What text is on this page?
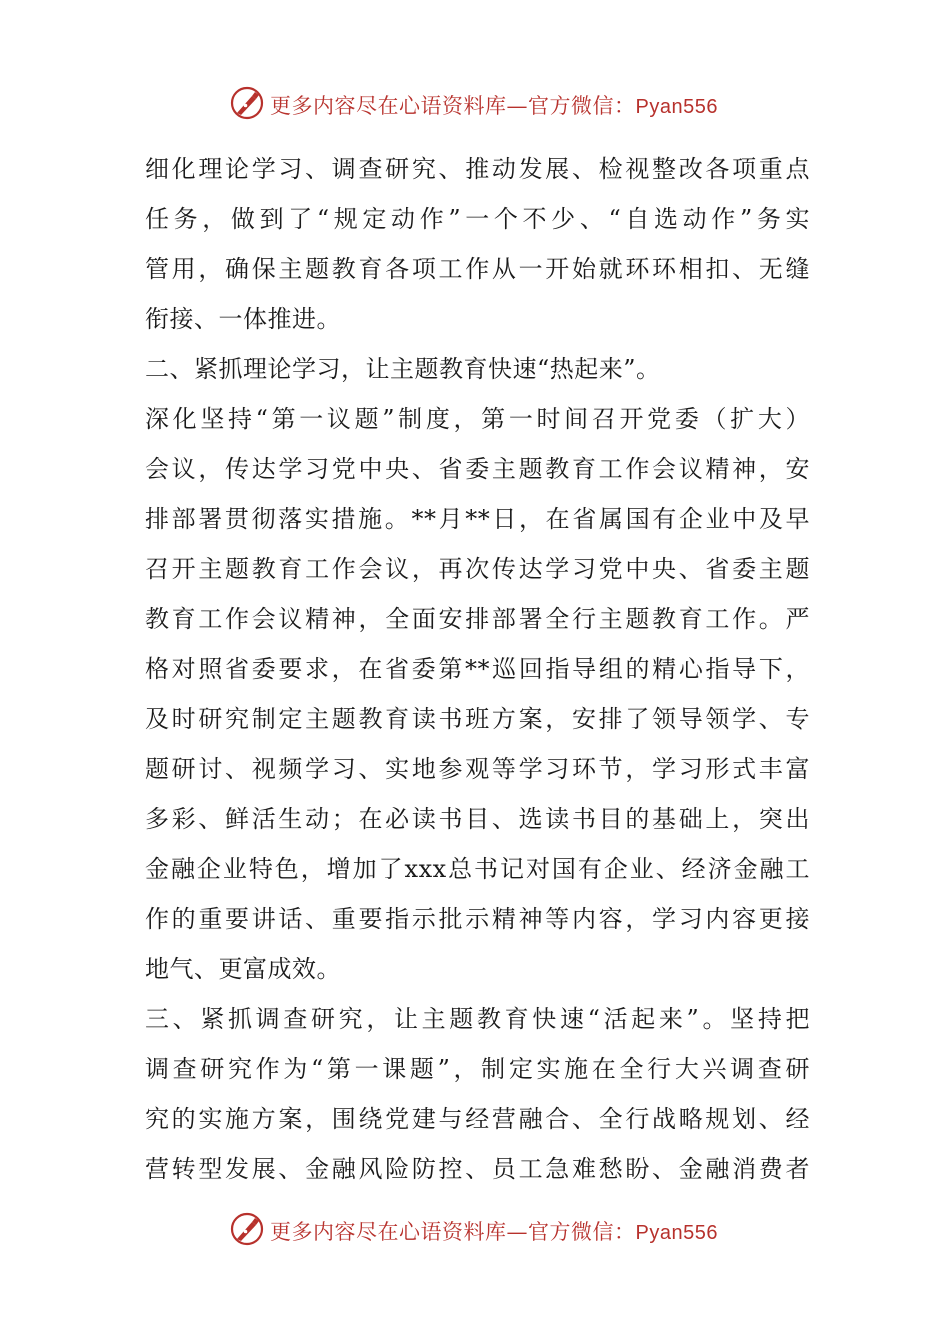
更多内容尽在心语资料库—官方微信：Pyan556
细化理论学习、调查研究、推动发展、检视整改各项重点
任务，做到了“规定动作”一个不少、“自选动作”务实
管用，确保主题教育各项工作从一开始就环环相扣、无缝
衔接、一体推进。
二、紧抓理论学习，让主题教育快速“热起来”。
深化坚持“第一议题”制度，第一时间召开党委（扩大）
会议，传达学习党中央、省委主题教育工作会议精神，安
排部署贯彻落实措施。**月**日，在省属国有企业中及早
召开主题教育工作会议，再次传达学习党中央、省委主题
教育工作会议精神，全面安排部署全行主题教育工作。严
格对照省委要求，在省委第**巡回指导组的精心指导下，
及时研究制定主题教育读书班方案，安排了领导领学、专
题研讨、视频学习、实地参观等学习环节，学习形式丰富
多彩、鲜活生动；在必读书目、选读书目的基础上，突出
金融企业特色，增加了xxx总书记对国有企业、经济金融工
作的重要讲话、重要指示批示精神等内容，学习内容更接
地气、更富成效。
三、紧抓调查研究，让主题教育快速“活起来”。坚持把
调查研究作为“第一课题”，制定实施在全行大兴调查研
究的实施方案，围绕党建与经营融合、全行战略规划、经
营转型发展、金融风险防控、员工急难愁盼、金融消费者
更多内容尽在心语资料库—官方微信：Pyan556
